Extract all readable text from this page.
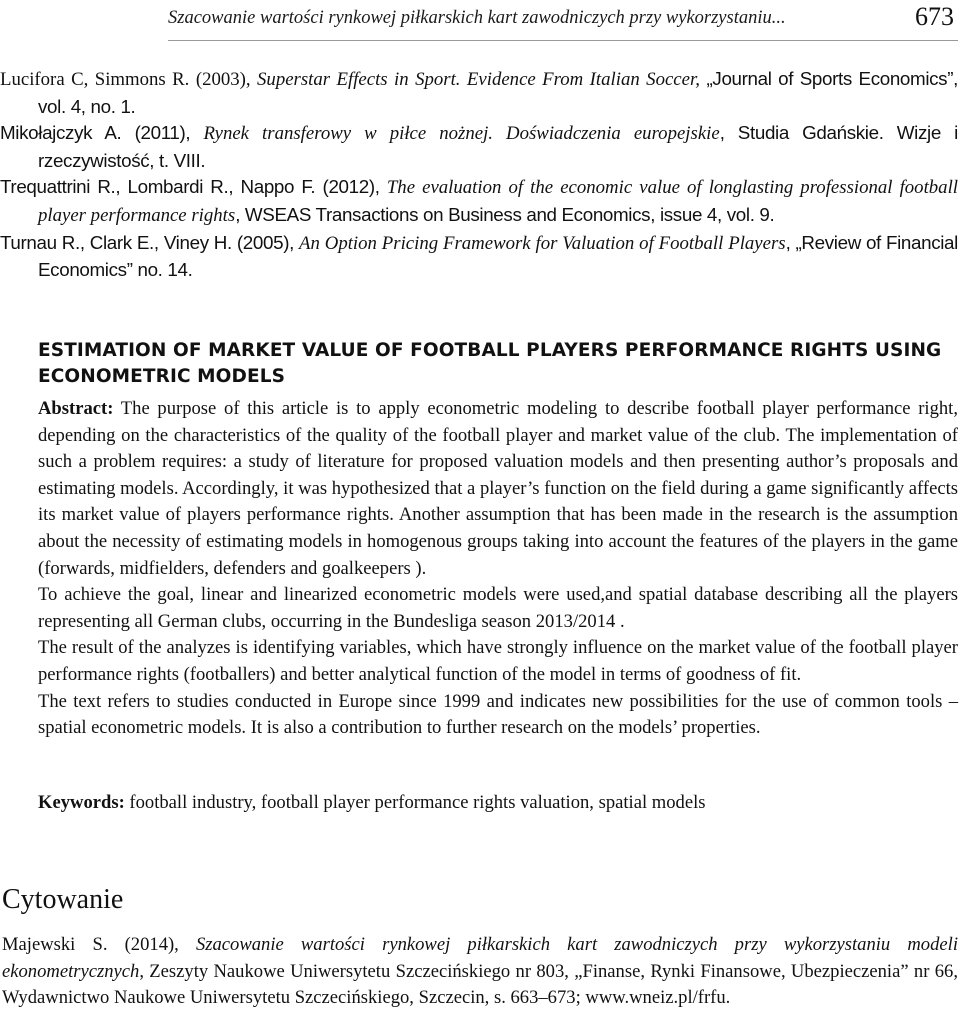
Szacowanie wartości rynkowej piłkarskich kart zawodniczych przy wykorzystaniu...	673

Lucifora C, Simmons R. (2003), Superstar Effects in Sport. Evidence From Italian Soccer, „Journal of Sports Economics”, vol. 4, no. 1.

Mikołajczyk A. (2011), Rynek transferowy w piłce nożnej. Doświadczenia europejskie, Studia Gdańskie. Wizje i rzeczywistość, t. VIII.

Trequattrini R., Lombardi R., Nappo F. (2012), The evaluation of the economic value of longlasting professional football player performance rights, WSEAS Transactions on Business and Economics, issue 4, vol. 9.

Turnau R., Clark E., Viney H. (2005), An Option Pricing Framework for Valuation of Football Players, „Review of Financial Economics” no. 14.

ESTIMATION OF MARKET VALUE OF FOOTBALL PLAYERS PERFORMANCE RIGHTS USING ECONOMETRIC MODELS

Abstract: The purpose of this article is to apply econometric modeling to describe football player performance right, depending on the characteristics of the quality of the football player and market value of the club. The implementation of such a problem requires: a study of literature for proposed valuation models and then presenting author’s proposals and estimating models. Accordingly, it was hypothesized that a player’s function on the field during a game significantly affects its market value of players performance rights. Another assumption that has been made in the research is the assumption about the necessity of estimating models in homogenous groups taking into account the features of the players in the game (forwards, midfielders, defenders and goalkeepers ).

To achieve the goal, linear and linearized econometric models were used,and spatial database describing all the players representing all German clubs, occurring in the Bundesliga season 2013/2014 .

The result of the analyzes is identifying variables, which have strongly influence on the market value of the football player performance rights (footballers) and better analytical function of the model in terms of goodness of fit.

The text refers to studies conducted in Europe since 1999 and indicates new possibilities for the use of common tools – spatial econometric models. It is also a contribution to further research on the models’ properties.

Keywords: football industry, football player performance rights valuation, spatial models

Cytowanie

Majewski S. (2014), Szacowanie wartości rynkowej piłkarskich kart zawodniczych przy wykorzystaniu modeli ekonometrycznych, Zeszyty Naukowe Uniwersytetu Szczecińskiego nr 803, „Finanse, Rynki Finansowe, Ubezpieczenia” nr 66, Wydawnictwo Naukowe Uniwersytetu Szczecińskiego, Szczecin, s. 663–673; www.wneiz.pl/frfu.
